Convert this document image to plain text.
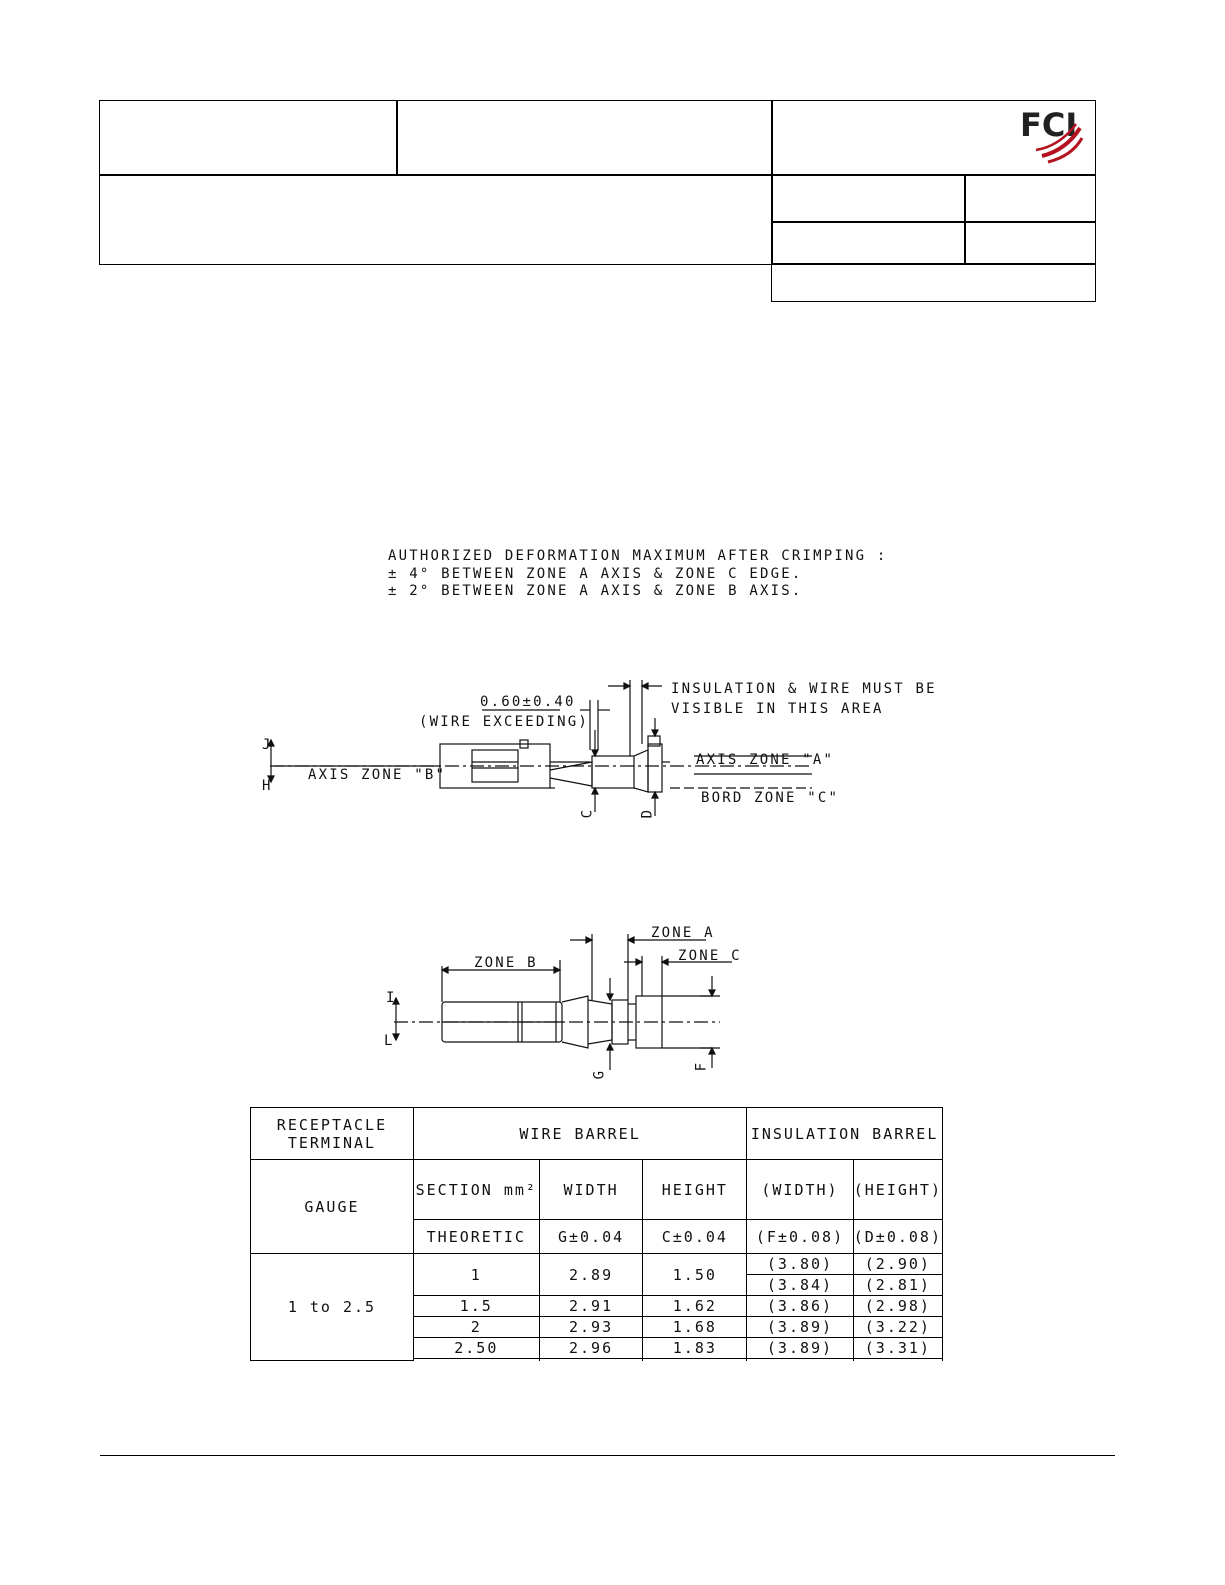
FCI
AUTHORIZED DEFORMATION MAXIMUM AFTER CRIMPING :
± 4° BETWEEN ZONE A AXIS & ZONE C EDGE.
± 2° BETWEEN ZONE A AXIS & ZONE B AXIS.
0.60±0.40
(WIRE EXCEEDING)
INSULATION & WIRE MUST BE
VISIBLE IN THIS AREA
AXIS ZONE "A"
AXIS ZONE "B"
BORD ZONE "C"
J
H
C	D
ZONE A
ZONE B	ZONE C
I
L
G
F
RECEPTACLE TERMINAL	WIRE BARREL			INSULATION BARREL	
GAUGE	SECTION mm²	WIDTH	HEIGHT	(WIDTH)	(HEIGHT)
	THEORETIC	G±0.04	C±0.04	(F±0.08)	(D±0.08)
1 to 2.5	1	2.89	1.50	(3.80)	(2.90)
				(3.84)	(2.81)
	1.5	2.91	1.62	(3.86)	(2.98)
	2	2.93	1.68	(3.89)	(3.22)
	2.50	2.96	1.83	(3.89)	(3.31)
